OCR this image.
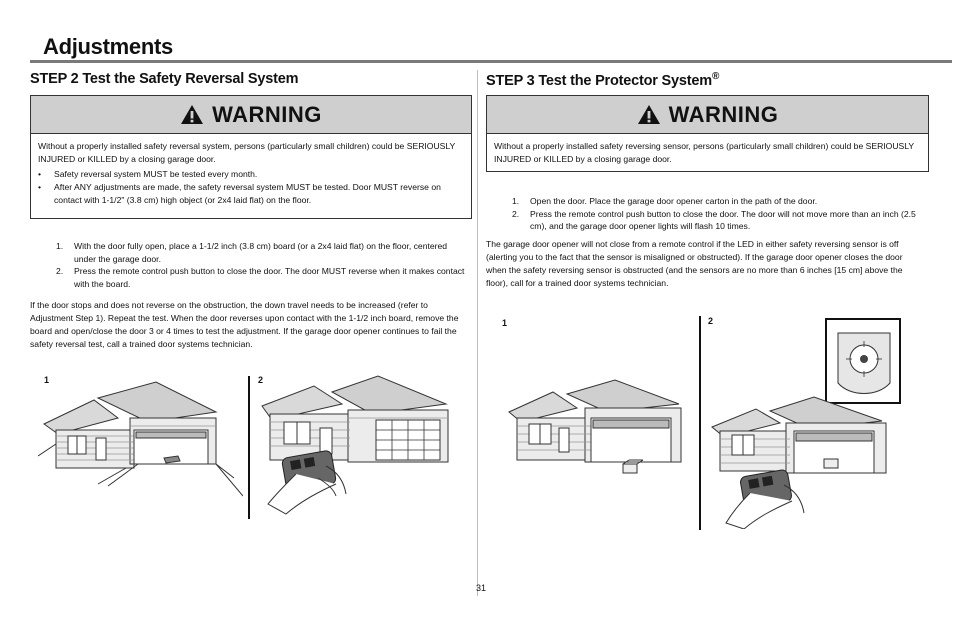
Adjustments
STEP 2 Test the Safety Reversal System
WARNING

Without a properly installed safety reversal system, persons (particularly small children) could be SERIOUSLY INJURED or KILLED by a closing garage door.

• Safety reversal system MUST be tested every month.
• After ANY adjustments are made, the safety reversal system MUST be tested. Door MUST reverse on contact with 1-1/2" (3.8 cm) high object (or 2x4 laid flat) on the floor.
1. With the door fully open, place a 1-1/2 inch (3.8 cm) board (or a 2x4 laid flat) on the floor, centered under the garage door.
2. Press the remote control push button to close the door. The door MUST reverse when it makes contact with the board.

If the door stops and does not reverse on the obstruction, the down travel needs to be increased (refer to Adjustment Step 1). Repeat the test. When the door reverses upon contact with the 1-1/2 inch board, remove the board and open/close the door 3 or 4 times to test the adjustment. If the garage door opener continues to fail the safety reversal test, call a trained door systems technician.

1	2
STEP 3 Test the Protector System®
WARNING

Without a properly installed safety reversing sensor, persons (particularly small children) could be SERIOUSLY INJURED or KILLED by a closing garage door.

1. Open the door. Place the garage door opener carton in the path of the door.
2. Press the remote control push button to close the door. The door will not move more than an inch (2.5 cm), and the garage door opener lights will flash 10 times.

The garage door opener will not close from a remote control if the LED in either safety reversing sensor is off (alerting you to the fact that the sensor is misaligned or obstructed). If the garage door opener closes the door when the safety reversing sensor is obstructed (and the sensors are no more than 6 inches [15 cm] above the floor), call for a trained door systems technician.

1	2
31
